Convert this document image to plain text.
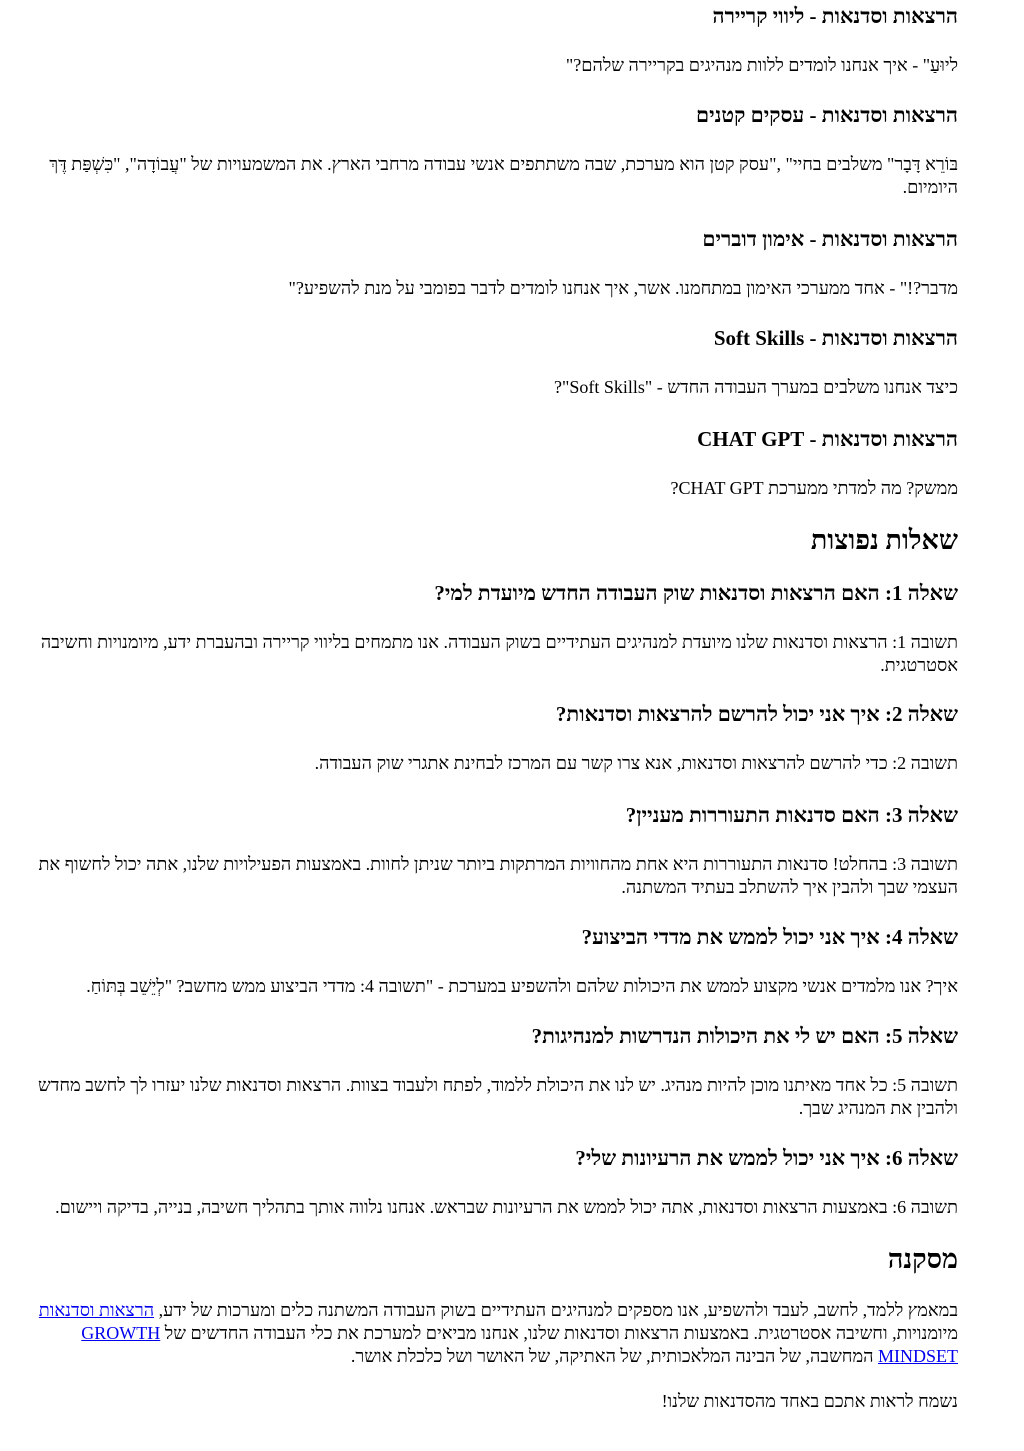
הרצאות וסדנאות - ליווי קריירה

ליוּעַ" - איך אנחנו לומדים ללוות מנהיגים בקריירה שלהם?"

הרצאות וסדנאות - עסקים קטנים

בּוֹרֵא דָּבָר" משלבים בחיי" ,"עסק קטן הוא מערכת, שבה משתתפים אנשי עבודה מרחבי הארץ. את המשמעויות של "עֲבוֹדָה", "כִּשְׁפַּת דֶּךְ היומיום.

הרצאות וסדנאות - אימון דוברים

מדבר?!" - אחד ממערכי האימון במתחמנו. אשר, איך אנחנו לומדים לדבר בפומבי על מנת להשפיע?"

הרצאות וסדנאות - Soft Skills

כיצד אנחנו משלבים במערך העבודה החדש - "Soft Skills"?

הרצאות וסדנאות - CHAT GPT

ממשק? מה למדתי ממערכת CHAT GPT?

שאלות נפוצות
שאלה 1: האם הרצאות וסדנאות שוק העבודה החדש מיועדת למי?

תשובה 1: הרצאות וסדנאות שלנו מיועדת למנהיגים העתידיים בשוק העבודה. אנו מתמחים בליווי קריירה ובהעברת ידע, מיומנויות וחשיבה אסטרטגית.

שאלה 2: איך אני יכול להרשם להרצאות וסדנאות?

תשובה 2: כדי להרשם להרצאות וסדנאות, אנא צרו קשר עם המרכז לבחינת אתגרי שוק העבודה.

שאלה 3: האם סדנאות התעוררות מעניין?

תשובה 3: בהחלט! סדנאות התעוררות היא אחת מהחוויות המרתקות ביותר שניתן לחוות. באמצעות הפעילויות שלנו, אתה יכול לחשוף את העצמי שבך ולהבין איך להשתלב בעתיד המשתנה.

שאלה 4: איך אני יכול לממש את מדדי הביצוע?

איך? אנו מלמדים אנשי מקצוע לממש את היכולות שלהם ולהשפיע במערכת - "תשובה 4: מדדי הביצוע ממש מחשב? "לְיֵשֵׁב בְּתּוֹחַ.

שאלה 5: האם יש לי את היכולות הנדרשות למנהיגות?

תשובה 5: כל אחד מאיתנו מוכן להיות מנהיג. יש לנו את היכולת ללמוד, לפתח ולעבוד בצוות. הרצאות וסדנאות שלנו יעזרו לך לחשב מחדש ולהבין את המנהיג שבך.

שאלה 6: איך אני יכול לממש את הרעיונות שלי?

תשובה 6: באמצעות הרצאות וסדנאות, אתה יכול לממש את הרעיונות שבראש. אנחנו נלווה אותך בתהליך חשיבה, בנייה, בדיקה ויישום.

מסקנה

במאמץ ללמד, לחשב, לעבד ולהשפיע, אנו מספקים למנהיגים העתידיים בשוק העבודה המשתנה כלים ומערכות של ידע, הרצאות וסדנאות מיומנויות, וחשיבה אסטרטגית. באמצעות הרצאות וסדנאות שלנו, אנחנו מביאים למערכת את כלי העבודה החדשים של GROWTH MINDSET המחשבה, של הבינה המלאכותית, של האתיקה, של האושר ושל כלכלת אושר.

נשמח לראות אתכם באחד מהסדנאות שלנו!
